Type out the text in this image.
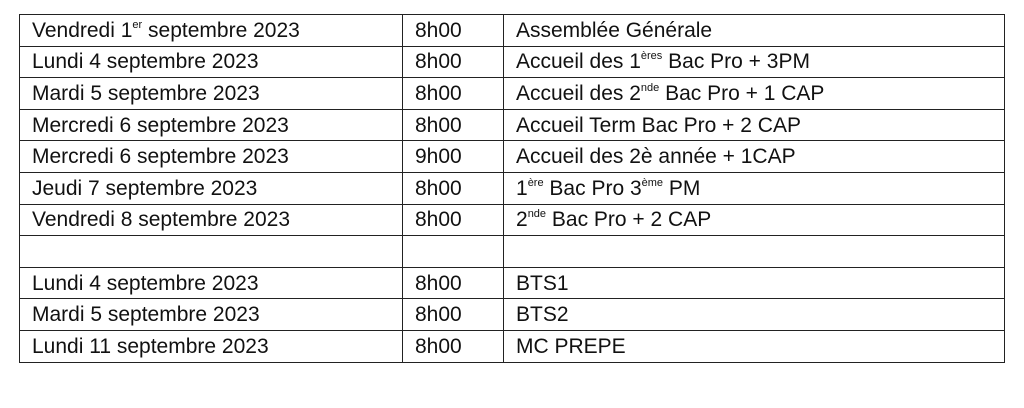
Vendredi 1er septembre 2023	8h00	Assemblée Générale
Lundi 4 septembre 2023	8h00	Accueil des 1ères Bac Pro + 3PM
Mardi 5 septembre 2023	8h00	Accueil des 2nde Bac Pro + 1 CAP
Mercredi 6 septembre 2023	8h00	Accueil Term Bac Pro + 2 CAP
Mercredi 6 septembre 2023	9h00	Accueil des 2è année + 1CAP
Jeudi 7 septembre 2023	8h00	1ère Bac Pro 3ème PM
Vendredi 8 septembre 2023	8h00	2nde Bac Pro + 2 CAP

Lundi 4 septembre 2023	8h00	BTS1
Mardi 5 septembre 2023	8h00	BTS2
Lundi 11 septembre 2023	8h00	MC PREPE
